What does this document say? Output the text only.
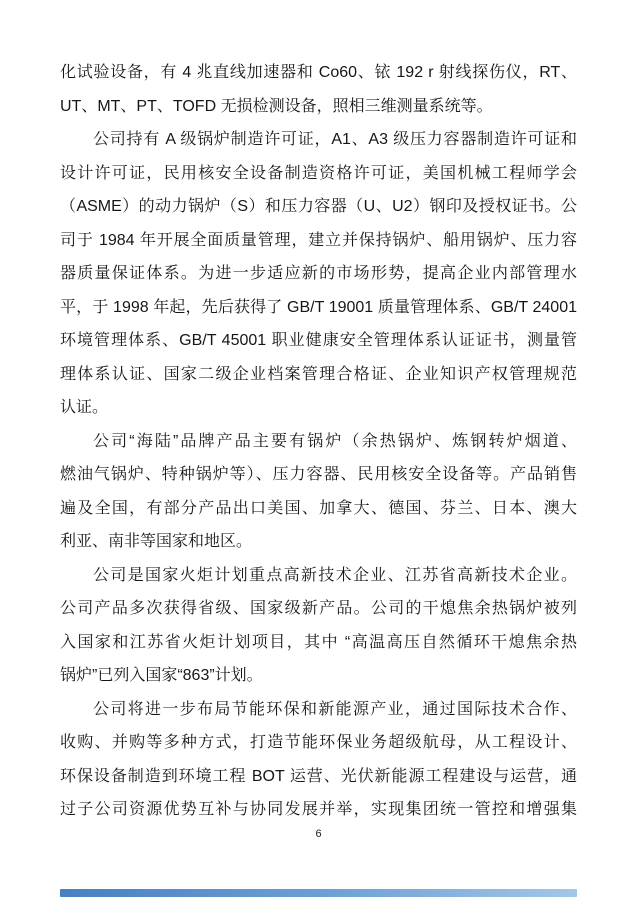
化试验设备，有 4 兆直线加速器和 Co60、铱 192 r 射线探伤仪，RT、
UT、MT、PT、TOFD 无损检测设备，照相三维测量系统等。
公司持有 A 级锅炉制造许可证，A1、A3 级压力容器制造许可证和
设计许可证，民用核安全设备制造资格许可证，美国机械工程师学会
（ASME）的动力锅炉（S）和压力容器（U、U2）钢印及授权证书。公
司于 1984 年开展全面质量管理，建立并保持锅炉、船用锅炉、压力容
器质量保证体系。为进一步适应新的市场形势，提高企业内部管理水
平，于 1998 年起，先后获得了 GB/T 19001 质量管理体系、GB/T 24001
环境管理体系、GB/T 45001 职业健康安全管理体系认证证书，测量管
理体系认证、国家二级企业档案管理合格证、企业知识产权管理规范
认证。
公司“海陆”品牌产品主要有锅炉（余热锅炉、炼钢转炉烟道、
燃油气锅炉、特种锅炉等）、压力容器、民用核安全设备等。产品销售
遍及全国，有部分产品出口美国、加拿大、德国、芬兰、日本、澳大
利亚、南非等国家和地区。
公司是国家火炬计划重点高新技术企业、江苏省高新技术企业。
公司产品多次获得省级、国家级新产品。公司的干熄焦余热锅炉被列
入国家和江苏省火炬计划项目，其中 “高温高压自然循环干熄焦余热
锅炉”已列入国家“863”计划。
公司将进一步布局节能环保和新能源产业，通过国际技术合作、
收购、并购等多种方式，打造节能环保业务超级航母，从工程设计、
环保设备制造到环境工程 BOT 运营、光伏新能源工程建设与运营，通
过子公司资源优势互补与协同发展并举，实现集团统一管控和增强集
6
